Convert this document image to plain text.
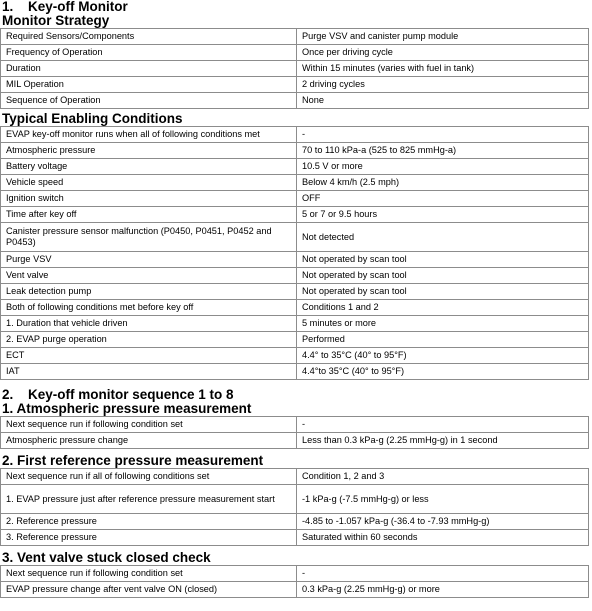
1. Key-off Monitor
Monitor Strategy
Required Sensors/Components	Purge VSV and canister pump module
Frequency of Operation	Once per driving cycle
Duration	Within 15 minutes (varies with fuel in tank)
MIL Operation	2 driving cycles
Sequence of Operation	None
Typical Enabling Conditions
EVAP key-off monitor runs when all of following conditions met	-
Atmospheric pressure	70 to 110 kPa-a (525 to 825 mmHg-a)
Battery voltage	10.5 V or more
Vehicle speed	Below 4 km/h (2.5 mph)
Ignition switch	OFF
Time after key off	5 or 7 or 9.5 hours
Canister pressure sensor malfunction (P0450, P0451, P0452 and P0453)	Not detected
Purge VSV	Not operated by scan tool
Vent valve	Not operated by scan tool
Leak detection pump	Not operated by scan tool
Both of following conditions met before key off	Conditions 1 and 2
1. Duration that vehicle driven	5 minutes or more
2. EVAP purge operation	Performed
ECT	4.4° to 35°C (40° to 95°F)
IAT	4.4°to 35°C (40° to 95°F)
2. Key-off monitor sequence 1 to 8
1. Atmospheric pressure measurement
Next sequence run if following condition set	-
Atmospheric pressure change	Less than 0.3 kPa-g (2.25 mmHg-g) in 1 second
2. First reference pressure measurement
Next sequence run if all of following conditions set	Condition 1, 2 and 3
1. EVAP pressure just after reference pressure measurement start	-1 kPa-g (-7.5 mmHg-g) or less
2. Reference pressure	-4.85 to -1.057 kPa-g (-36.4 to -7.93 mmHg-g)
3. Reference pressure	Saturated within 60 seconds
3. Vent valve stuck closed check
Next sequence run if following condition set	-
EVAP pressure change after vent valve ON (closed)	0.3 kPa-g (2.25 mmHg-g) or more
